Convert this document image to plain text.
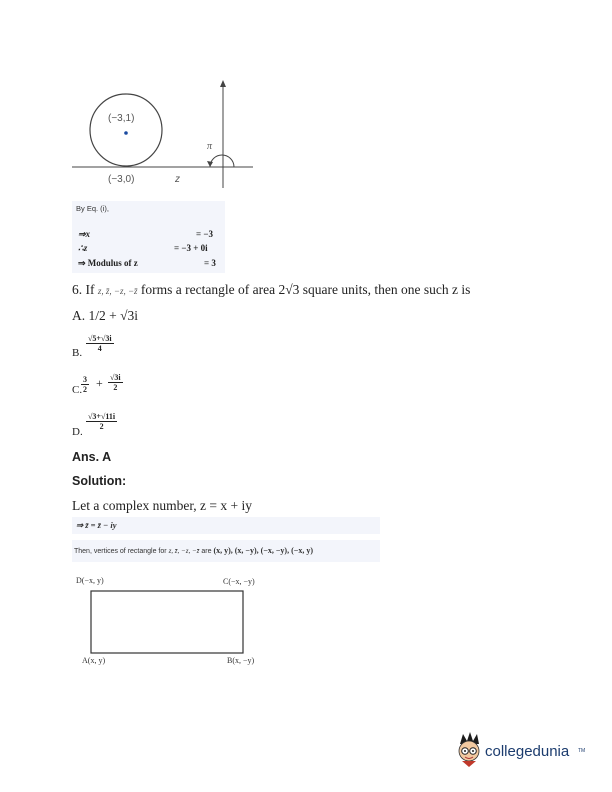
(−3,1)
(−3,0)	z
π
By Eq. (i),
⇒x	= −3
∴z	= −3 + 0i
⇒ Modulus of z	= 3
6. If z, z̄, −z, −z̄ forms a rectangle of area 2√3 square units, then one such z is
A. 1/2 + √3i
B. $\frac{√5+√3i}{4}$
C.
$\frac{3}{2} + \frac{√3i}{2}$
D.
$\frac{√3+√11i}{2}$
Ans. A
Solution:
Let a complex number, z = x + iy
⇒ z̄ = z̄ − iy
Then, vertices of rectangle for z, z̄, −z, −z̄ are (x, y), (x, −y), (−x, −y), (−x, y)
D(−x, y)	C(−x, −y)
A(x, y)	B(x, −y)
collegedunia TM
